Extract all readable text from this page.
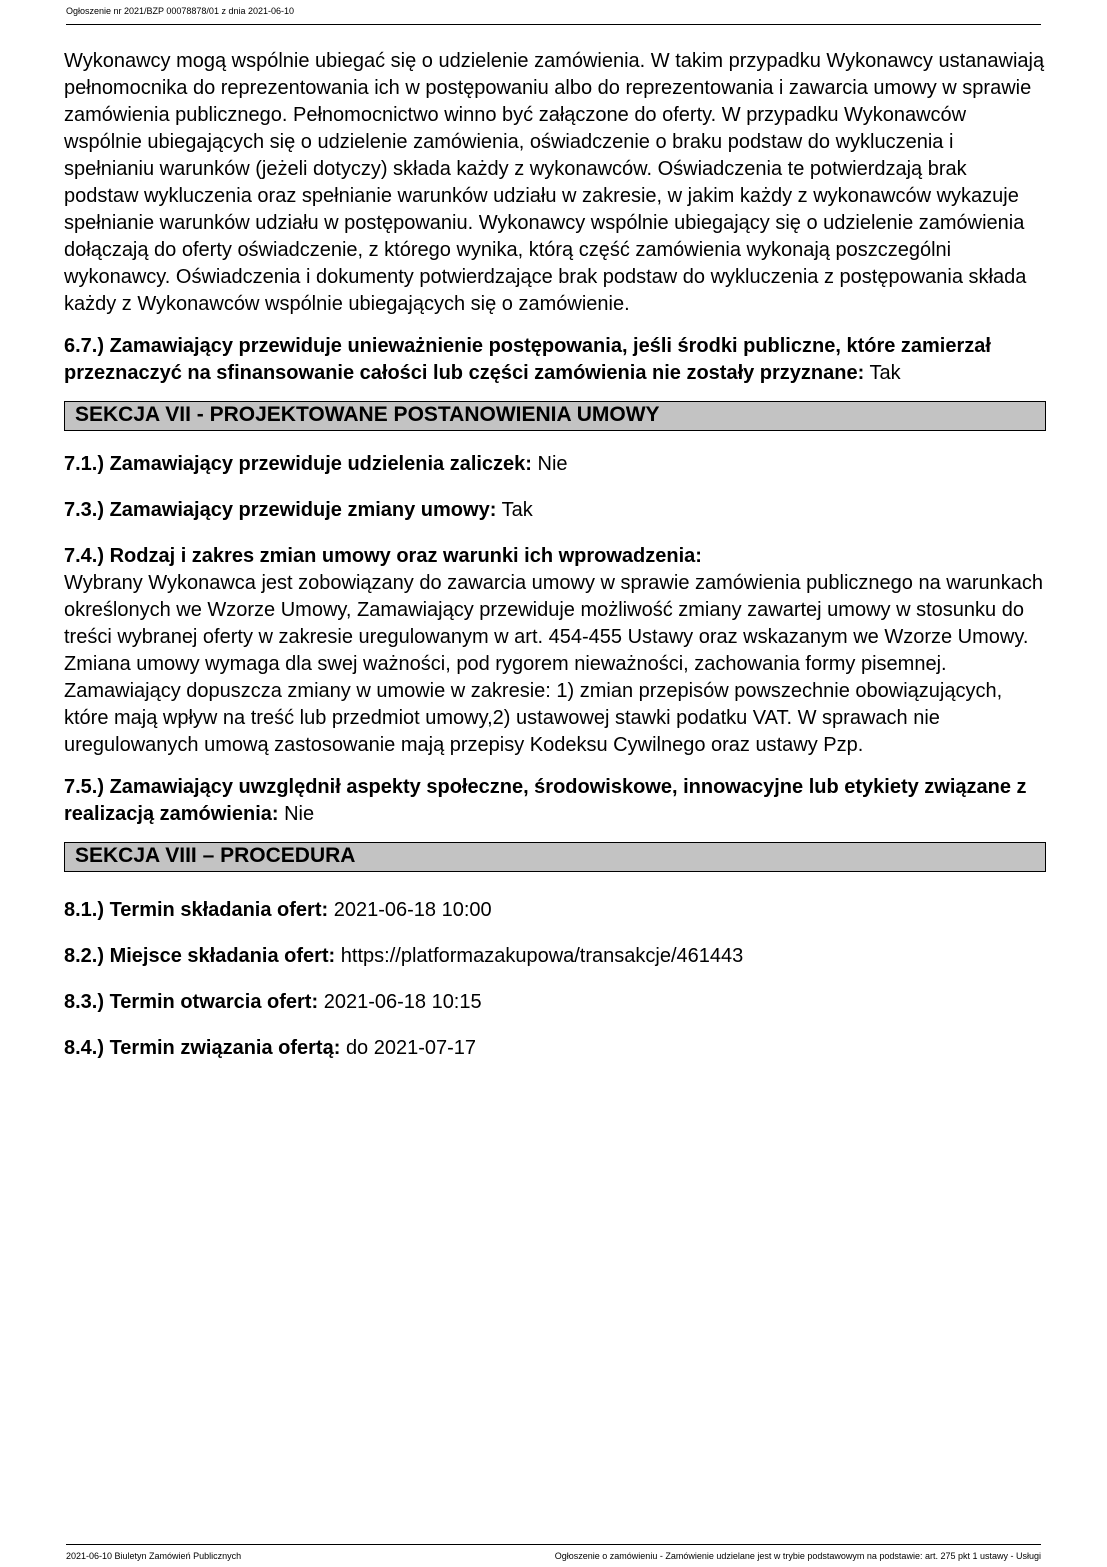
Ogłoszenie nr 2021/BZP 00078878/01 z dnia 2021-06-10

Wykonawcy mogą wspólnie ubiegać się o udzielenie zamówienia. W takim przypadku Wykonawcy ustanawiają pełnomocnika do reprezentowania ich w postępowaniu albo do reprezentowania i zawarcia umowy w sprawie zamówienia publicznego. Pełnomocnictwo winno być załączone do oferty. W przypadku Wykonawców wspólnie ubiegających się o udzielenie zamówienia, oświadczenie o braku podstaw do wykluczenia i spełnianiu warunków (jeżeli dotyczy) składa każdy z wykonawców. Oświadczenia te potwierdzają brak podstaw wykluczenia oraz spełnianie warunków udziału w zakresie, w jakim każdy z wykonawców wykazuje spełnianie warunków udziału w postępowaniu. Wykonawcy wspólnie ubiegający się o udzielenie zamówienia dołączają do oferty oświadczenie, z którego wynika, którą część zamówienia wykonają poszczególni wykonawcy. Oświadczenia i dokumenty potwierdzające brak podstaw do wykluczenia z postępowania składa każdy z Wykonawców wspólnie ubiegających się o zamówienie.

6.7.) Zamawiający przewiduje unieważnienie postępowania, jeśli środki publiczne, które zamierzał przeznaczyć na sfinansowanie całości lub części zamówienia nie zostały przyznane: Tak

SEKCJA VII - PROJEKTOWANE POSTANOWIENIA UMOWY

7.1.) Zamawiający przewiduje udzielenia zaliczek: Nie

7.3.) Zamawiający przewiduje zmiany umowy: Tak

7.4.) Rodzaj i zakres zmian umowy oraz warunki ich wprowadzenia:
Wybrany Wykonawca jest zobowiązany do zawarcia umowy w sprawie zamówienia publicznego na warunkach określonych we Wzorze Umowy, Zamawiający przewiduje możliwość zmiany zawartej umowy w stosunku do treści wybranej oferty w zakresie uregulowanym w art. 454-455 Ustawy oraz wskazanym we Wzorze Umowy. Zmiana umowy wymaga dla swej ważności, pod rygorem nieważności, zachowania formy pisemnej. Zamawiający dopuszcza zmiany w umowie w zakresie: 1) zmian przepisów powszechnie obowiązujących, które mają wpływ na treść lub przedmiot umowy,2) ustawowej stawki podatku VAT. W sprawach nie uregulowanych umową zastosowanie mają przepisy Kodeksu Cywilnego oraz ustawy Pzp.

7.5.) Zamawiający uwzględnił aspekty społeczne, środowiskowe, innowacyjne lub etykiety związane z realizacją zamówienia: Nie

SEKCJA VIII – PROCEDURA

8.1.) Termin składania ofert: 2021-06-18 10:00

8.2.) Miejsce składania ofert: https://platformazakupowa/transakcje/461443

8.3.) Termin otwarcia ofert: 2021-06-18 10:15

8.4.) Termin związania ofertą: do 2021-07-17

2021-06-10 Biuletyn Zamówień Publicznych	Ogłoszenie o zamówieniu - Zamówienie udzielane jest w trybie podstawowym na podstawie: art. 275 pkt 1 ustawy - Usługi
